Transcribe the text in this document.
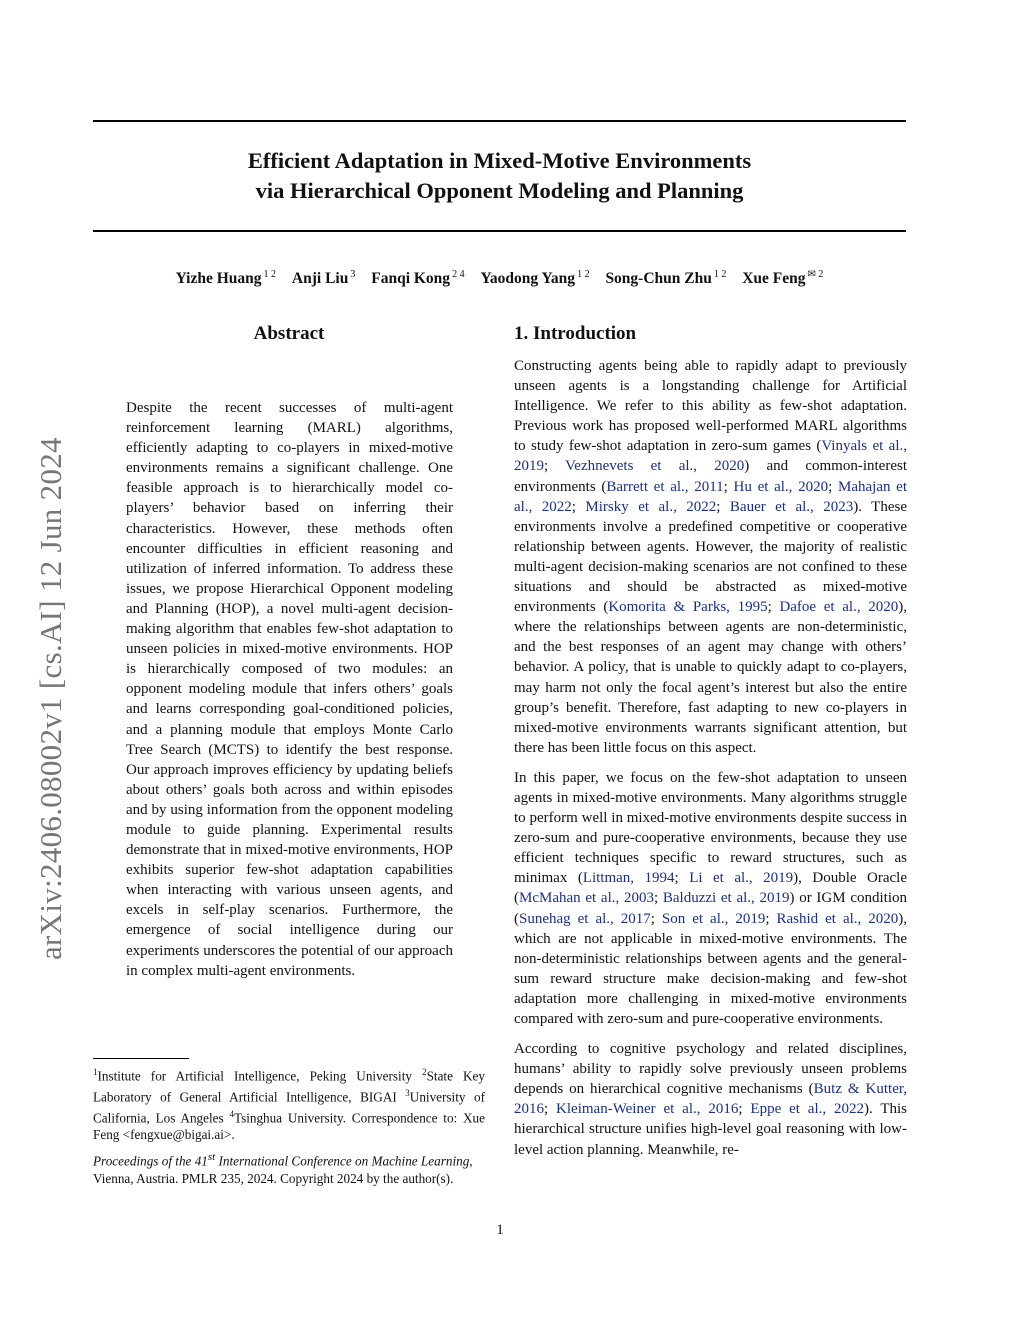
Efficient Adaptation in Mixed-Motive Environments
via Hierarchical Opponent Modeling and Planning
Yizhe Huang $^{1 2}$ Anji Liu $^3$ Fanqi Kong $^{2 4}$ Yaodong Yang $^{1 2}$ Song-Chun Zhu $^{1 2}$ Xue Feng $^{✉ 2}$
arXiv:2406.08002v1 [cs.AI] 12 Jun 2024
Abstract
Despite the recent successes of multi-agent reinforcement learning (MARL) algorithms, efficiently adapting to co-players in mixed-motive environments remains a significant challenge. One feasible approach is to hierarchically model co-players’ behavior based on inferring their characteristics. However, these methods often encounter difficulties in efficient reasoning and utilization of inferred information. To address these issues, we propose Hierarchical Opponent modeling and Planning (HOP), a novel multi-agent decision-making algorithm that enables few-shot adaptation to unseen policies in mixed-motive environments. HOP is hierarchically composed of two modules: an opponent modeling module that infers others’ goals and learns corresponding goal-conditioned policies, and a planning module that employs Monte Carlo Tree Search (MCTS) to identify the best response. Our approach improves efficiency by updating beliefs about others’ goals both across and within episodes and by using information from the opponent modeling module to guide planning. Experimental results demonstrate that in mixed-motive environments, HOP exhibits superior few-shot adaptation capabilities when interacting with various unseen agents, and excels in self-play scenarios. Furthermore, the emergence of social intelligence during our experiments underscores the potential of our approach in complex multi-agent environments.
$^1$Institute for Artificial Intelligence, Peking University $^2$State Key Laboratory of General Artificial Intelligence, BIGAI $^3$University of California, Los Angeles $^4$Tsinghua University. Correspondence to: Xue Feng <fengxue@bigai.ai>.
Proceedings of the 41st International Conference on Machine Learning, Vienna, Austria. PMLR 235, 2024. Copyright 2024 by the author(s).
1. Introduction

Constructing agents being able to rapidly adapt to previously unseen agents is a longstanding challenge for Artificial Intelligence. We refer to this ability as few-shot adaptation. Previous work has proposed well-performed MARL algorithms to study few-shot adaptation in zero-sum games (Vinyals et al., 2019; Vezhnevets et al., 2020) and common-interest environments (Barrett et al., 2011; Hu et al., 2020; Mahajan et al., 2022; Mirsky et al., 2022; Bauer et al., 2023). These environments involve a predefined competitive or cooperative relationship between agents. However, the majority of realistic multi-agent decision-making scenarios are not confined to these situations and should be abstracted as mixed-motive environments (Komorita & Parks, 1995; Dafoe et al., 2020), where the relationships between agents are non-deterministic, and the best responses of an agent may change with others’ behavior. A policy, that is unable to quickly adapt to co-players, may harm not only the focal agent’s interest but also the entire group’s benefit. Therefore, fast adapting to new co-players in mixed-motive environments warrants significant attention, but there has been little focus on this aspect.

In this paper, we focus on the few-shot adaptation to unseen agents in mixed-motive environments. Many algorithms struggle to perform well in mixed-motive environments despite success in zero-sum and pure-cooperative environments, because they use efficient techniques specific to reward structures, such as minimax (Littman, 1994; Li et al., 2019), Double Oracle (McMahan et al., 2003; Balduzzi et al., 2019) or IGM condition (Sunehag et al., 2017; Son et al., 2019; Rashid et al., 2020), which are not applicable in mixed-motive environments. The non-deterministic relationships between agents and the general-sum reward structure make decision-making and few-shot adaptation more challenging in mixed-motive environments compared with zero-sum and pure-cooperative environments.

According to cognitive psychology and related disciplines, humans’ ability to rapidly solve previously unseen problems depends on hierarchical cognitive mechanisms (Butz & Kutter, 2016; Kleiman-Weiner et al., 2016; Eppe et al., 2022). This hierarchical structure unifies high-level goal reasoning with low-level action planning. Meanwhile, re-

1
